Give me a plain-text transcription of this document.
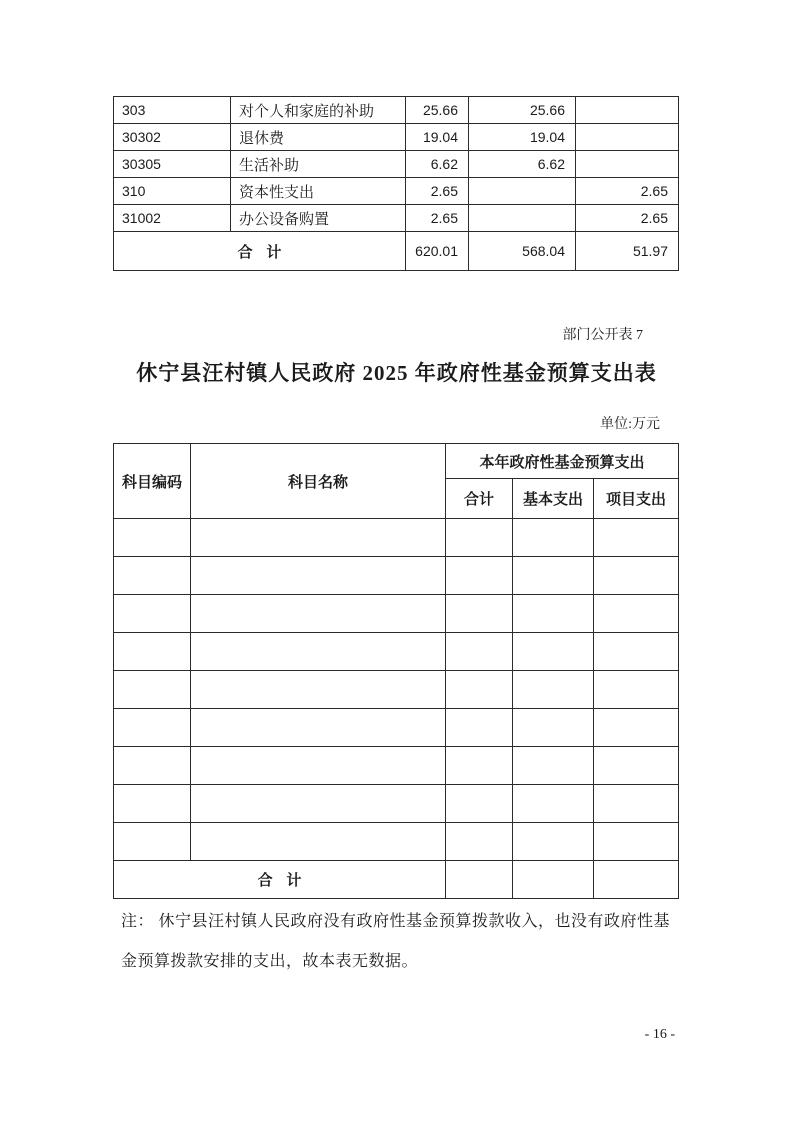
303	对个人和家庭的补助	25.66	25.66	
30302	退休费	19.04	19.04	
30305	生活补助	6.62	6.62	
310	资本性支出	2.65		2.65
31002	办公设备购置	2.65		2.65
合 计		620.01	568.04	51.97
部门公开表 7
休宁县汪村镇人民政府 2025 年政府性基金预算支出表
单位:万元
科目编码	科目名称	本年政府性基金预算支出		
		合计	基本支出	项目支出

合 计				
注： 休宁县汪村镇人民政府没有政府性基金预算拨款收入，也没有政府性基
金预算拨款安排的支出，故本表无数据。
- 16 -
